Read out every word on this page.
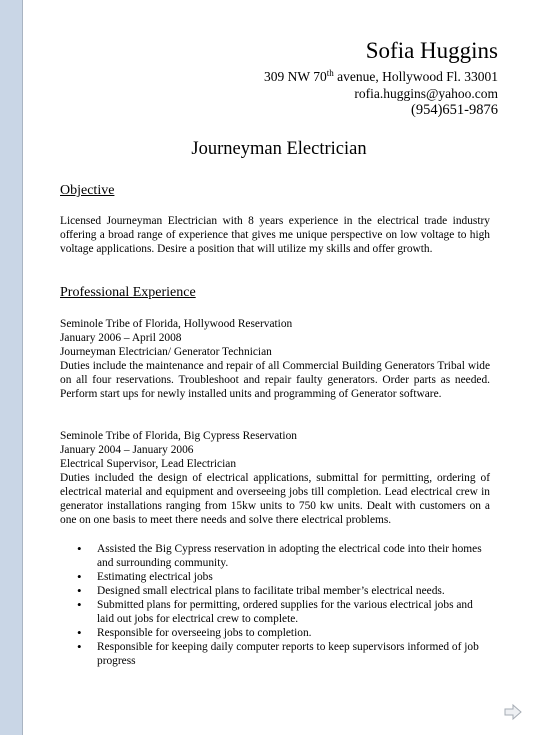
Sofia Huggins
309 NW 70th avenue, Hollywood Fl. 33001
rofia.huggins@yahoo.com
(954)651-9876
Journeyman Electrician
Objective
Licensed Journeyman Electrician with 8 years experience in the electrical trade industry offering a broad range of experience that gives me unique perspective on low voltage to high voltage applications. Desire a position that will utilize my skills and offer growth.
Professional Experience
Seminole Tribe of Florida, Hollywood Reservation
January 2006 – April 2008
Journeyman Electrician/ Generator Technician
Duties include the maintenance and repair of all Commercial Building Generators Tribal wide on all four reservations. Troubleshoot and repair faulty generators. Order parts as needed. Perform start ups for newly installed units and programming of Generator software.
Seminole Tribe of Florida, Big Cypress Reservation
January 2004 – January 2006
Electrical Supervisor, Lead Electrician
Duties included the design of electrical applications, submittal for permitting, ordering of electrical material and equipment and overseeing jobs till completion. Lead electrical crew in generator installations ranging from 15kw units to 750 kw units. Dealt with customers on a one on one basis to meet there needs and solve there electrical problems.
• Assisted the Big Cypress reservation in adopting the electrical code into their homes and surrounding community.
• Estimating electrical jobs
• Designed small electrical plans to facilitate tribal member’s electrical needs.
• Submitted plans for permitting, ordered supplies for the various electrical jobs and laid out jobs for electrical crew to complete.
• Responsible for overseeing jobs to completion.
• Responsible for keeping daily computer reports to keep supervisors informed of job progress
